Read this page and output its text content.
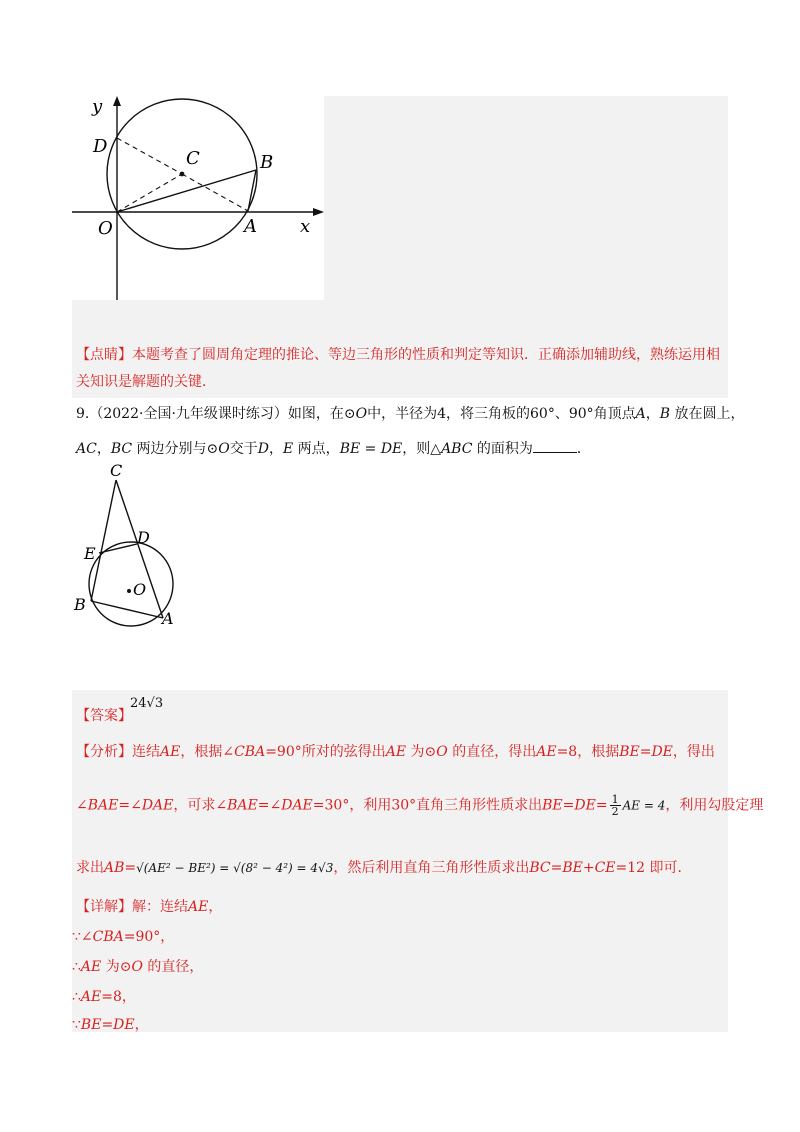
y
D
C	B
O	A x
【点睛】本题考查了圆周角定理的推论、等边三角形的性质和判定等知识．正确添加辅助线，熟练运用相
关知识是解题的关键．
9.（2022·全国·九年级课时练习）如图，在⊙O中，半径为4，将三角板的60°、90°角顶点A，B 放在圆上，
AC，BC 两边分别与⊙O交于D，E 两点，BE = DE，则△ABC 的面积为	．
C
D
E
O
B
A
【答案】
24√3
【分析】连结AE，根据∠CBA=90°所对的弦得出AE 为⊙O 的直径，得出AE=8，根据BE=DE，得出
∠BAE=∠DAE，可求∠BAE=∠DAE=30°，利用30°直角三角形性质求出$BE=DE= \frac{1}{2}$ AE = 4，利用勾股定理
求出AB=√(AE² − BE²) = √(8² − 4²) = 4√3，然后利用直角三角形性质求出BC=BE+CE=12 即可．
【详解】解：连结AE，
∵∠CBA=90°，
∴AE 为⊙O 的直径，
∴AE=8，
∵BE=DE，
